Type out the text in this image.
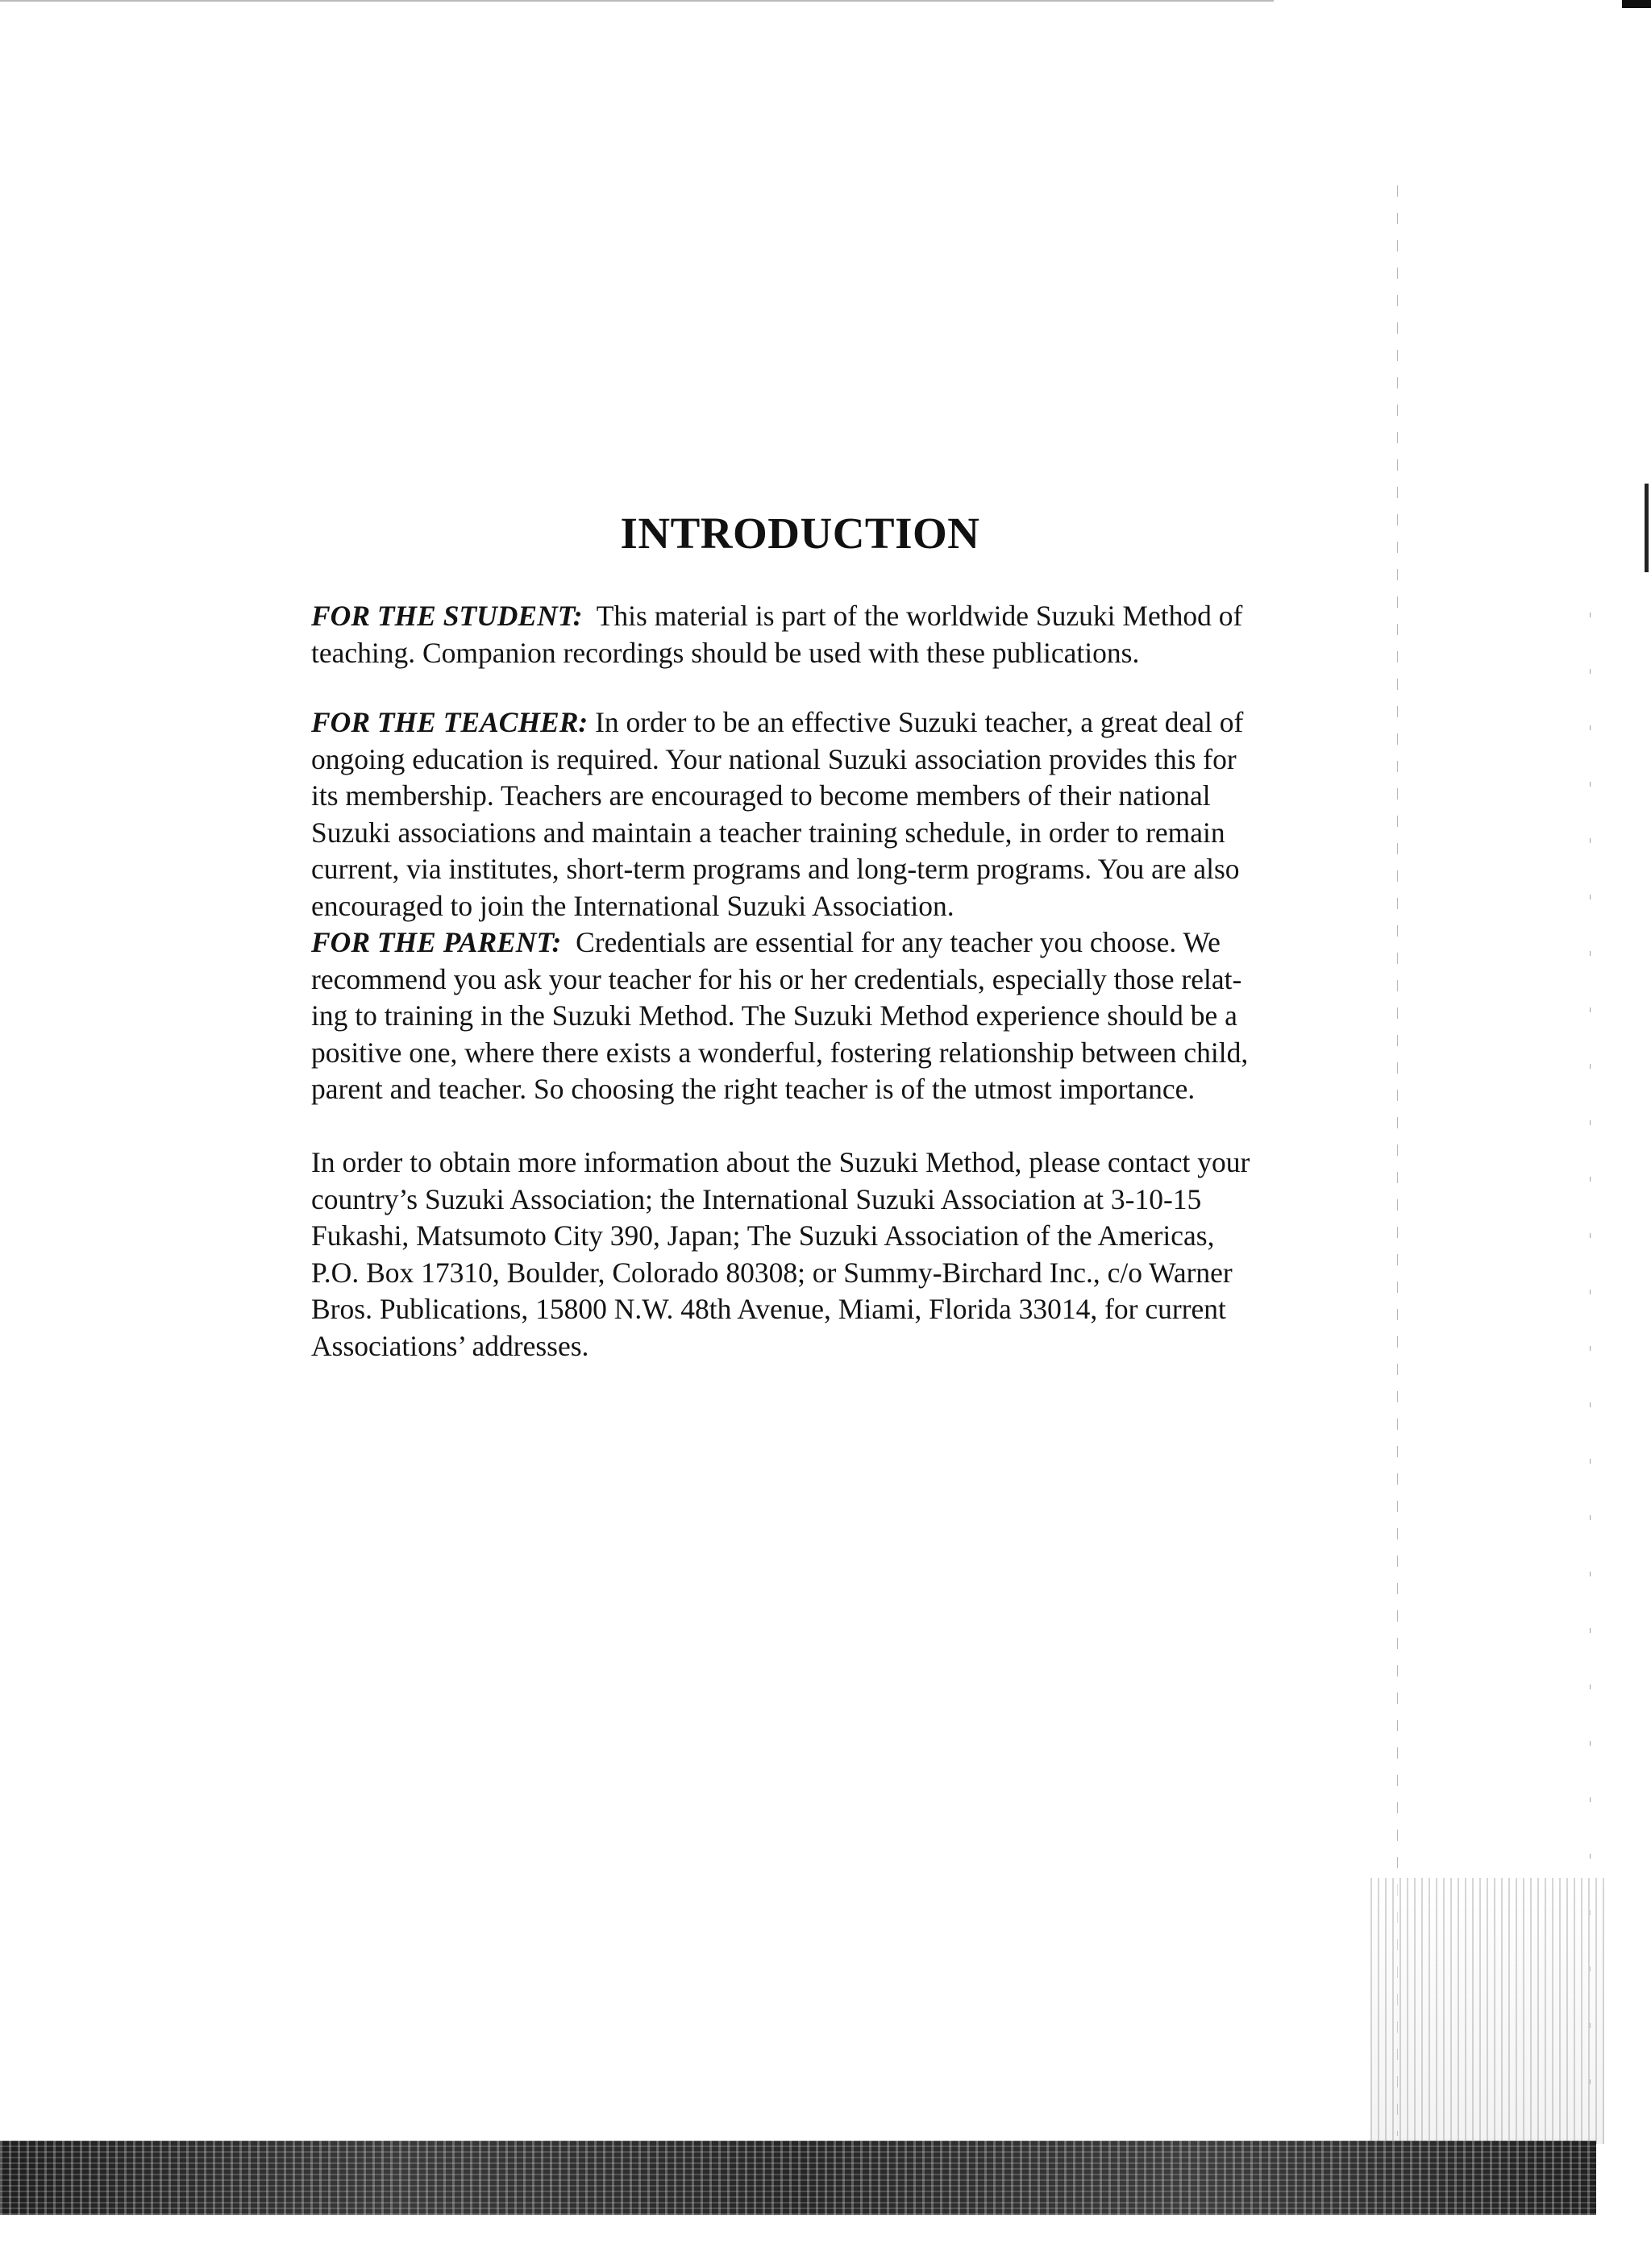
INTRODUCTION
FOR THE STUDENT: This material is part of the worldwide Suzuki Method of
teaching. Companion recordings should be used with these publications.
FOR THE TEACHER: In order to be an effective Suzuki teacher, a great deal of
ongoing education is required. Your national Suzuki association provides this for
its membership. Teachers are encouraged to become members of their national
Suzuki associations and maintain a teacher training schedule, in order to remain
current, via institutes, short-term programs and long-term programs. You are also
encouraged to join the International Suzuki Association.
FOR THE PARENT: Credentials are essential for any teacher you choose. We
recommend you ask your teacher for his or her credentials, especially those relat-
ing to training in the Suzuki Method. The Suzuki Method experience should be a
positive one, where there exists a wonderful, fostering relationship between child,
parent and teacher. So choosing the right teacher is of the utmost importance.
In order to obtain more information about the Suzuki Method, please contact your
country’s Suzuki Association; the International Suzuki Association at 3-10-15
Fukashi, Matsumoto City 390, Japan; The Suzuki Association of the Americas,
P.O. Box 17310, Boulder, Colorado 80308; or Summy-Birchard Inc., c/o Warner
Bros. Publications, 15800 N.W. 48th Avenue, Miami, Florida 33014, for current
Associations’ addresses.
